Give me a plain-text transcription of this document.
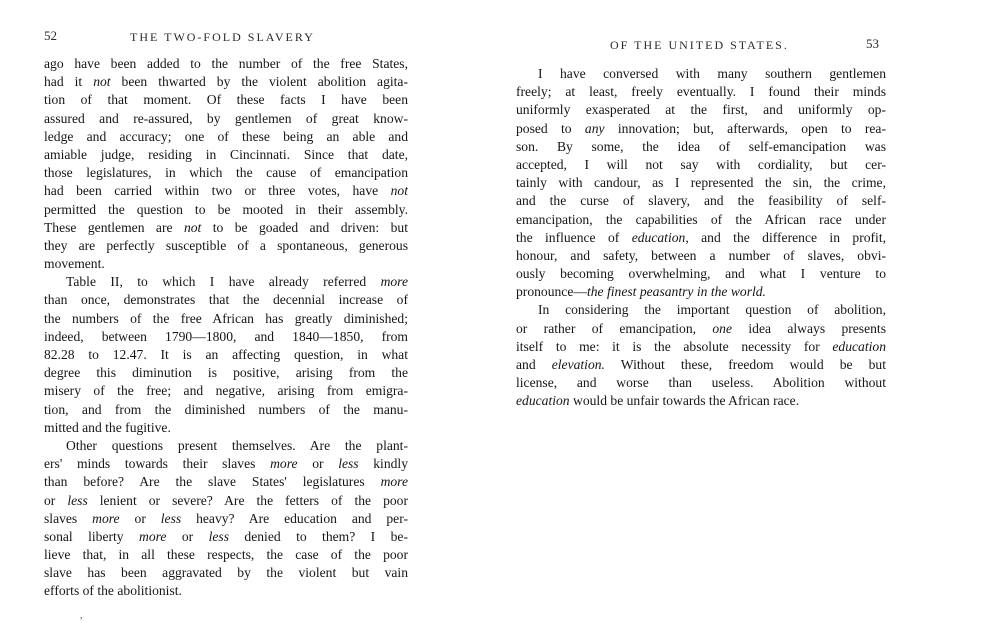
52	THE TWO-FOLD SLAVERY
ago have been added to the number of the free States,
had it not been thwarted by the violent abolition agita-
tion of that moment. Of these facts I have been
assured and re-assured, by gentlemen of great know-
ledge and accuracy; one of these being an able and
amiable judge, residing in Cincinnati. Since that date,
those legislatures, in which the cause of emancipation
had been carried within two or three votes, have not
permitted the question to be mooted in their assembly.
These gentlemen are not to be goaded and driven: but
they are perfectly susceptible of a spontaneous, generous
movement.
Table II, to which I have already referred more
than once, demonstrates that the decennial increase of
the numbers of the free African has greatly diminished;
indeed, between 1790—1800, and 1840—1850, from
82.28 to 12.47. It is an affecting question, in what
degree this diminution is positive, arising from the
misery of the free; and negative, arising from emigra-
tion, and from the diminished numbers of the manu-
mitted and the fugitive.
Other questions present themselves. Are the plant-
ers' minds towards their slaves more or less kindly
than before? Are the slave States' legislatures more
or less lenient or severe? Are the fetters of the poor
slaves more or less heavy? Are education and per-
sonal liberty more or less denied to them? I be-
lieve that, in all these respects, the case of the poor
slave has been aggravated by the violent but vain
efforts of the abolitionist.
,
OF THE UNITED STATES.	53
I have conversed with many southern gentlemen
freely; at least, freely eventually. I found their minds
uniformly exasperated at the first, and uniformly op-
posed to any innovation; but, afterwards, open to rea-
son. By some, the idea of self-emancipation was
accepted, I will not say with cordiality, but cer-
tainly with candour, as I represented the sin, the crime,
and the curse of slavery, and the feasibility of self-
emancipation, the capabilities of the African race under
the influence of education, and the difference in profit,
honour, and safety, between a number of slaves, obvi-
ously becoming overwhelming, and what I venture to
pronounce—the finest peasantry in the world.
In considering the important question of abolition,
or rather of emancipation, one idea always presents
itself to me: it is the absolute necessity for education
and elevation. Without these, freedom would be but
license, and worse than useless. Abolition without
education would be unfair towards the African race.
